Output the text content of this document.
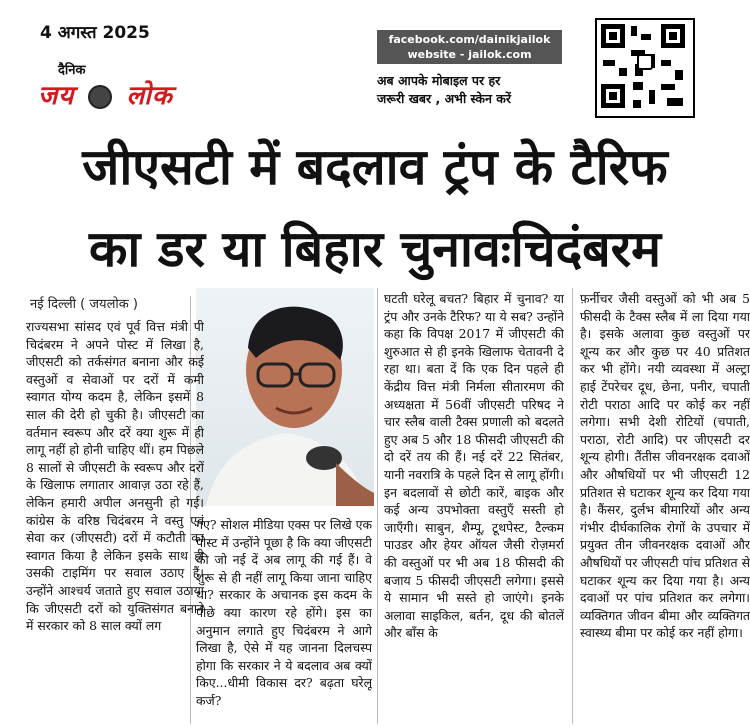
4 अगस्त 2025
दैनिक
जय लोक
facebook.com/dainikjailok
website - jailok.com
अब आपके मोबाइल पर हर
जरूरी खबर , अभी स्केन करें
जीएसटी में बदलाव ट्रंप के टैरिफ
का डर या बिहार चुनावःचिदंबरम
नई दिल्ली ( जयलोक )
राज्यसभा सांसद एवं पूर्व वित्त मंत्री पी चिदंबरम ने अपने पोस्ट में लिखा है, जीएसटी को तर्कसंगत बनाना और कई वस्तुओं व सेवाओं पर दरों में कमी स्वागत योग्य कदम है, लेकिन इसमें 8 साल की देरी हो चुकी है। जीएसटी का वर्तमान स्वरूप और दरें क्या शुरू में ही लागू नहीं हो होनी चाहिए थीं। हम पिछले 8 सालों से जीएसटी के स्वरूप और दरों के खिलाफ लगातार आवाज़ उठा रहे हैं, लेकिन हमारी अपील अनसुनी हो गई। कांग्रेस के वरिष्ठ चिदंबरम ने वस्तु एवं सेवा कर (जीएसटी) दरों में कटौती का स्वागत किया है लेकिन इसके साथ ही उसकी टाइमिंग पर सवाल उठाए हैं। उन्होंने आश्चर्य जताते हुए सवाल उठाया कि जीएसटी दरों को युक्तिसंगत बनाने में सरकार को 8 साल क्यों लग
गए? सोशल मीडिया एक्स पर लिखे एक पोस्ट में उन्होंने पूछा है कि क्या जीएसटी की जो नई दें अब लागू की गई हैं। वे शुरू से ही नहीं लागू किया जाना चाहिए था? सरकार के अचानक इस कदम के पीछे क्या कारण रहे होंगे। इस का अनुमान लगाते हुए चिदंबरम ने आगे लिखा है, ऐसे में यह जानना दिलचस्प होगा कि सरकार ने ये बदलाव अब क्यों किए...धीमी विकास दर? बढ़ता घरेलू कर्ज?
घटती घरेलू बचत? बिहार में चुनाव? या ट्रंप और उनके टैरिफ? या ये सब? उन्होंने कहा कि विपक्ष 2017 में जीएसटी की शुरुआत से ही इनके खिलाफ चेतावनी दे रहा था। बता दें कि एक दिन पहले ही केंद्रीय वित्त मंत्री निर्मला सीतारमण की अध्यक्षता में 56वीं जीएसटी परिषद ने चार स्लैब वाली टैक्स प्रणाली को बदलते हुए अब 5 और 18 फीसदी जीएसटी की दो दरें तय की हैं। नई दरें 22 सितंबर, यानी नवरात्रि के पहले दिन से लागू होंगी। इन बदलावों से छोटी कारें, बाइक और कई अन्य उपभोक्ता वस्तुएँ सस्ती हो जाएँगी। साबुन, शैम्पू, टूथपेस्ट, टैल्कम पाउडर और हेयर ऑयल जैसी रोज़मर्रा की वस्तुओं पर भी अब 18 फीसदी की बजाय 5 फीसदी जीएसटी लगेगा। इससे ये सामान भी सस्ते हो जाएंगे। इनके अलावा साइकिल, बर्तन, दूध की बोतलें और बाँस के
फ़र्नीचर जैसी वस्तुओं को भी अब 5 फीसदी के टैक्स स्लैब में ला दिया गया है। इसके अलावा कुछ वस्तुओं पर शून्य कर और कुछ पर 40 प्रतिशत कर भी होंगे। नयी व्यवस्था में अल्ट्रा हाई टेंपरेचर दूध, छेना, पनीर, चपाती रोटी पराठा आदि पर कोई कर नहीं लगेगा। सभी देशी रोटियों (चपाती, पराठा, रोटी आदि) पर जीएसटी दर शून्य होगी। तैंतीस जीवनरक्षक दवाओं और औषधियों पर भी जीएसटी 12 प्रतिशत से घटाकर शून्य कर दिया गया है। कैंसर, दुर्लभ बीमारियों और अन्य गंभीर दीर्घकालिक रोगों के उपचार में प्रयुक्त तीन जीवनरक्षक दवाओं और औषधियों पर जीएसटी पांच प्रतिशत से घटाकर शून्य कर दिया गया है। अन्य दवाओं पर पांच प्रतिशत कर लगेगा। व्यक्तिगत जीवन बीमा और व्यक्तिगत स्वास्थ्य बीमा पर कोई कर नहीं होगा।
